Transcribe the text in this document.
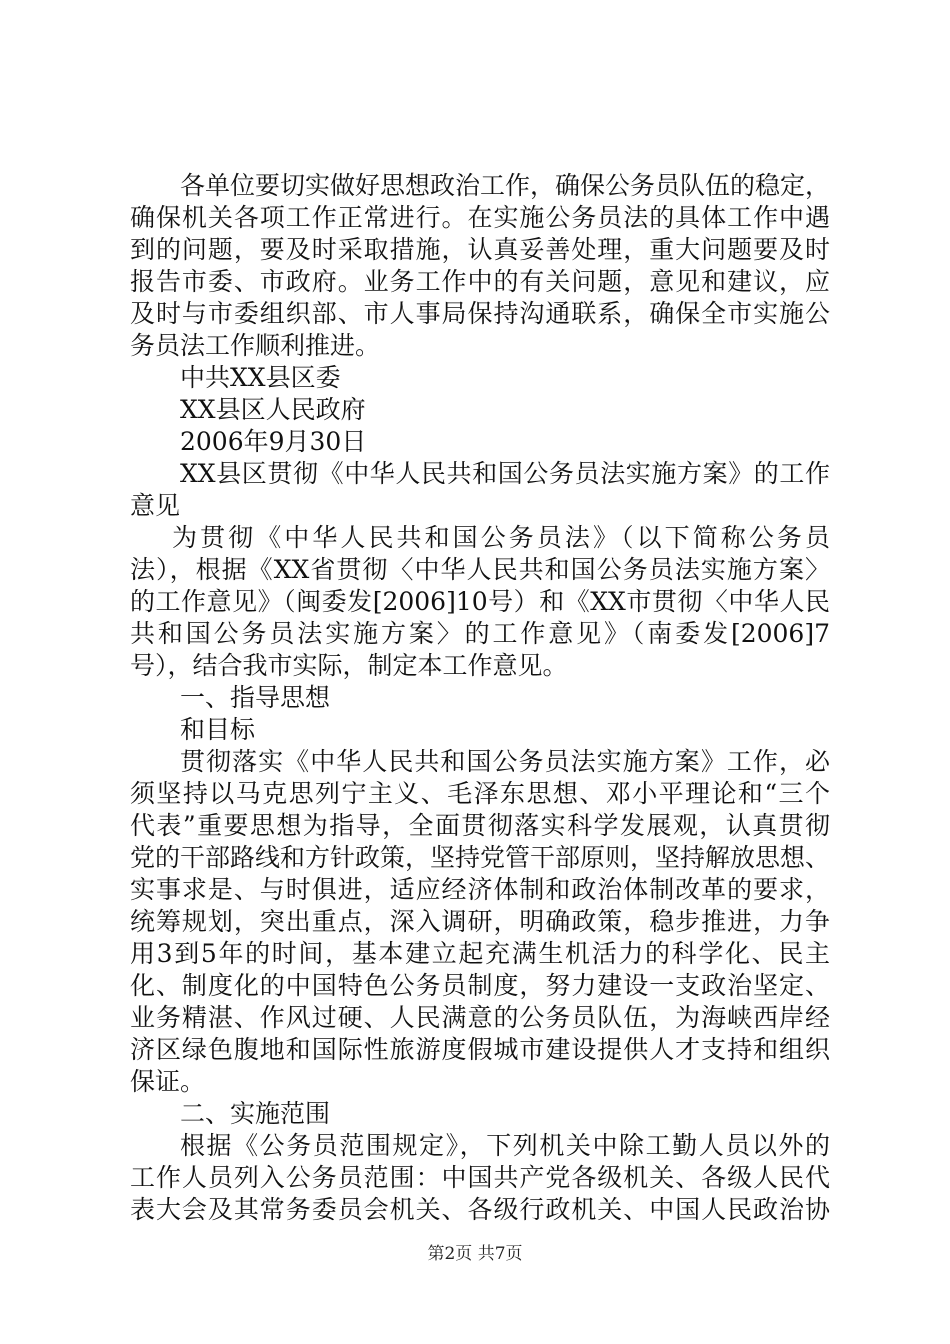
各单位要切实做好思想政治工作，确保公务员队伍的稳定，
确保机关各项工作正常进行。在实施公务员法的具体工作中遇
到的问题，要及时采取措施，认真妥善处理，重大问题要及时
报告市委、市政府。业务工作中的有关问题，意见和建议，应
及时与市委组织部、市人事局保持沟通联系，确保全市实施公
务员法工作顺利推进。
中共XX县区委
XX县区人民政府
2006年9月30日
XX县区贯彻《中华人民共和国公务员法实施方案》的工作
意见
为贯彻《中华人民共和国公务员法》（以下简称公务员
法），根据《XX省贯彻〈中华人民共和国公务员法实施方案〉
的工作意见》（闽委发[2006]10号）和《XX市贯彻〈中华人民
共和国公务员法实施方案〉的工作意见》（南委发[2006]7
号），结合我市实际，制定本工作意见。
一、指导思想
和目标
贯彻落实《中华人民共和国公务员法实施方案》工作，必
须坚持以马克思列宁主义、毛泽东思想、邓小平理论和“三个
代表”重要思想为指导，全面贯彻落实科学发展观，认真贯彻
党的干部路线和方针政策，坚持党管干部原则，坚持解放思想、
实事求是、与时俱进，适应经济体制和政治体制改革的要求，
统筹规划，突出重点，深入调研，明确政策，稳步推进，力争
用3到5年的时间，基本建立起充满生机活力的科学化、民主
化、制度化的中国特色公务员制度，努力建设一支政治坚定、
业务精湛、作风过硬、人民满意的公务员队伍，为海峡西岸经
济区绿色腹地和国际性旅游度假城市建设提供人才支持和组织
保证。
二、实施范围
根据《公务员范围规定》，下列机关中除工勤人员以外的
工作人员列入公务员范围：中国共产党各级机关、各级人民代
表大会及其常务委员会机关、各级行政机关、中国人民政治协
第2页 共7页
